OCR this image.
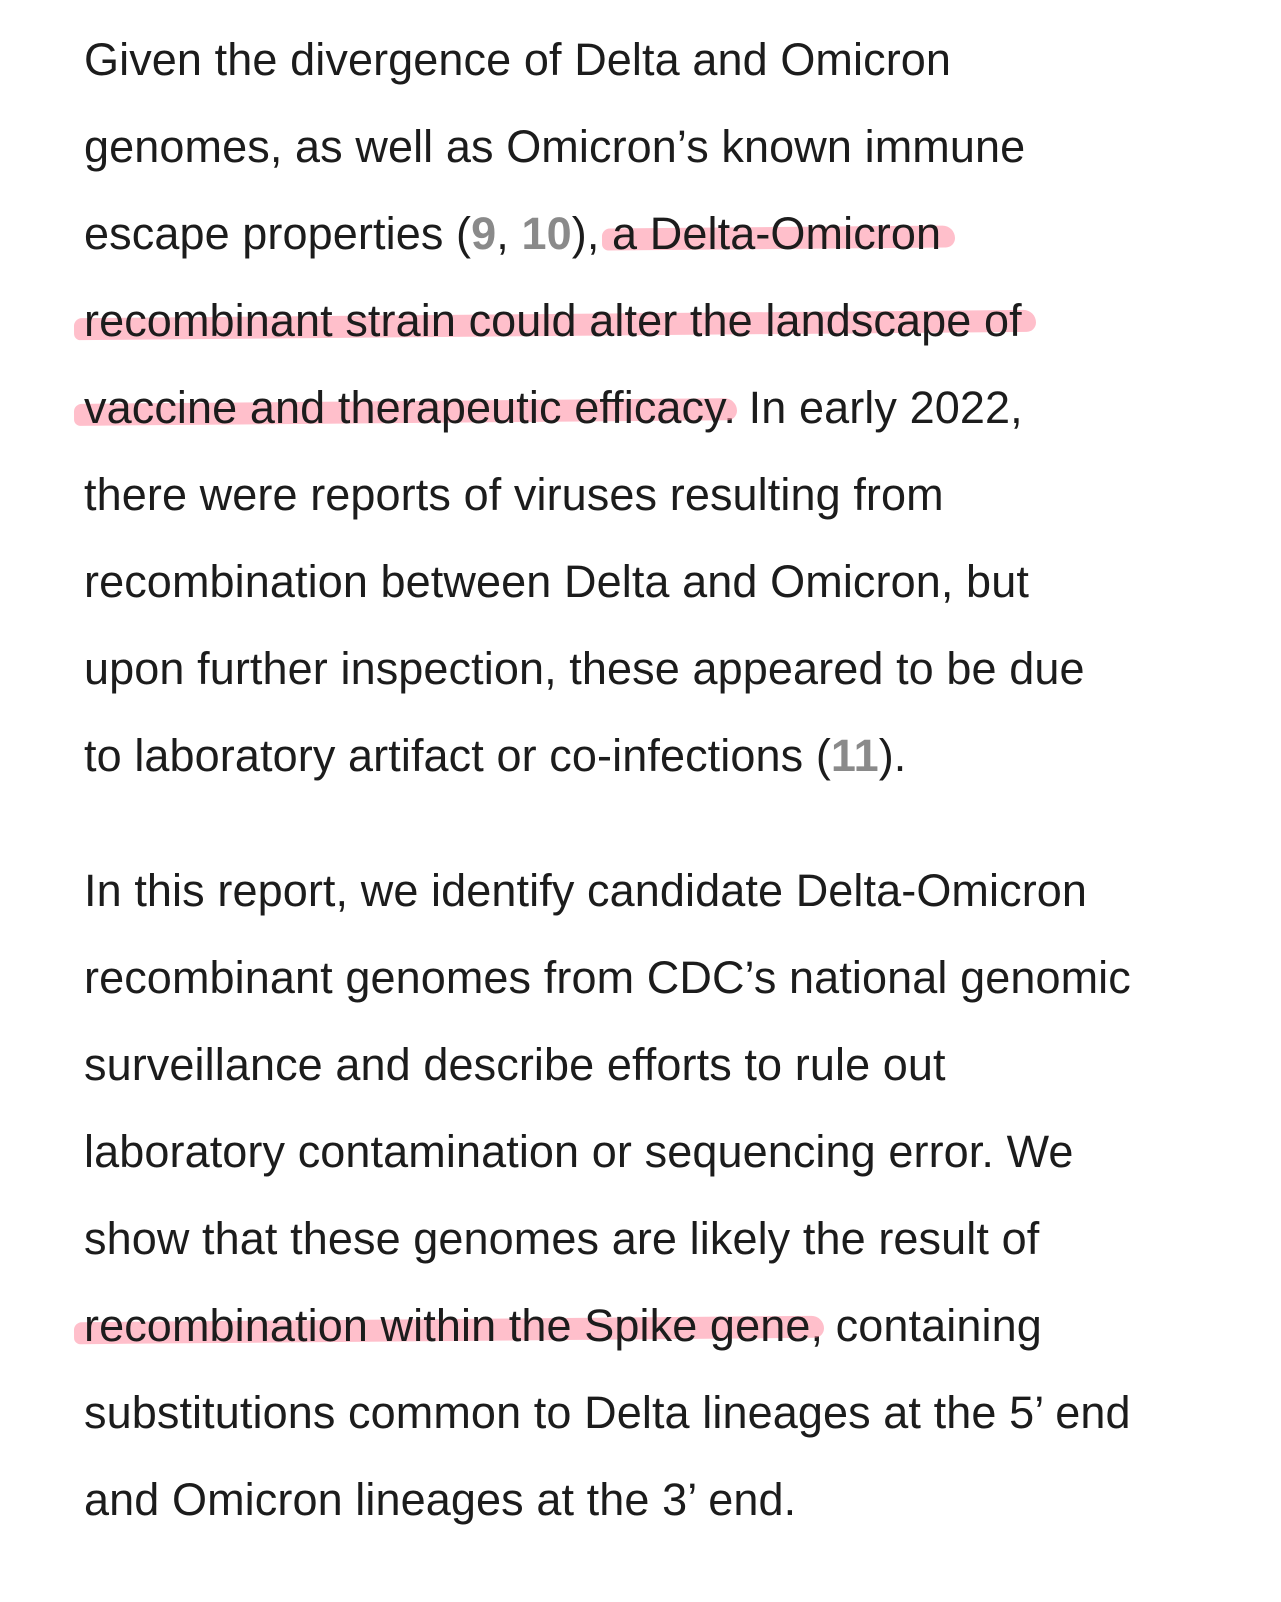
Given the divergence of Delta and Omicron
genomes, as well as Omicron’s known immune
escape properties (9, 10), a Delta-Omicron
recombinant strain could alter the landscape of
vaccine and therapeutic efficacy. In early 2022,
there were reports of viruses resulting from
recombination between Delta and Omicron, but
upon further inspection, these appeared to be due
to laboratory artifact or co-infections (11).
In this report, we identify candidate Delta-Omicron
recombinant genomes from CDC’s national genomic
surveillance and describe efforts to rule out
laboratory contamination or sequencing error. We
show that these genomes are likely the result of
recombination within the Spike gene, containing
substitutions common to Delta lineages at the 5’ end
and Omicron lineages at the 3’ end.
